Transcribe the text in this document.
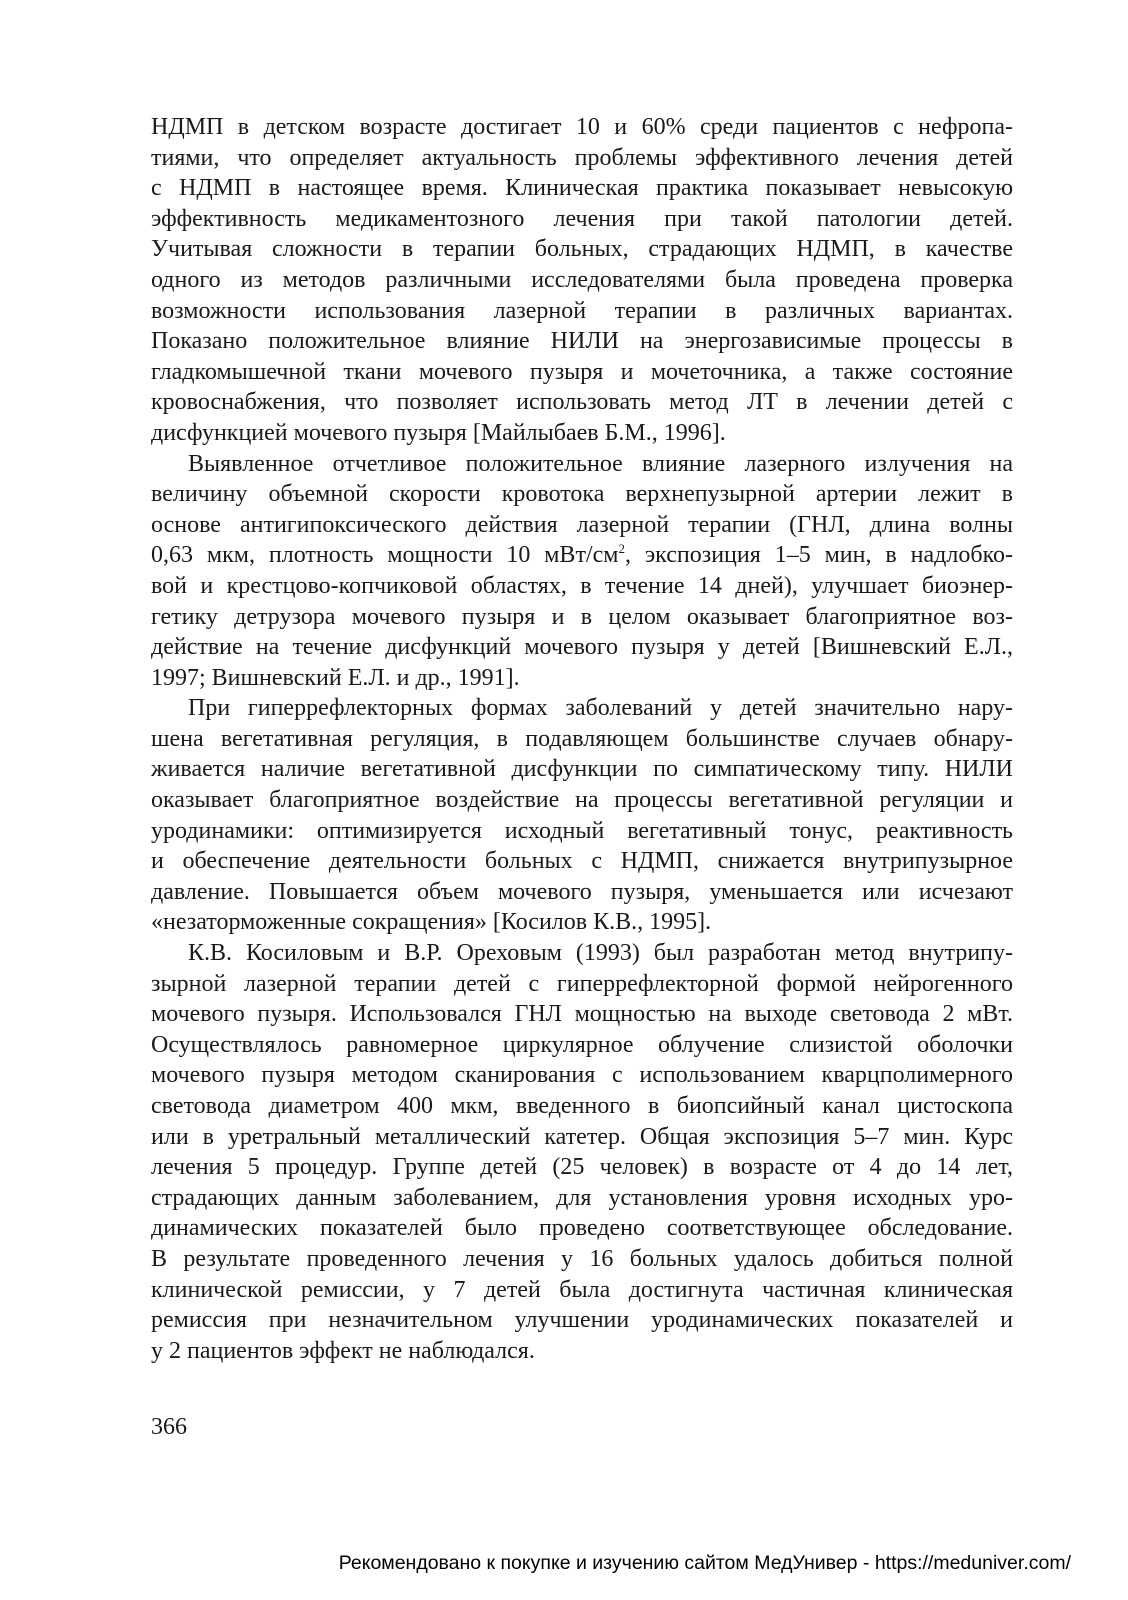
НДМП в детском возрасте достигает 10 и 60% среди пациентов с нефропа-
тиями, что определяет актуальность проблемы эффективного лечения детей
с НДМП в настоящее время. Клиническая практика показывает невысокую
эффективность медикаментозного лечения при такой патологии детей.
Учитывая сложности в терапии больных, страдающих НДМП, в качестве
одного из методов различными исследователями была проведена проверка
возможности использования лазерной терапии в различных вариантах.
Показано положительное влияние НИЛИ на энергозависимые процессы в
гладкомышечной ткани мочевого пузыря и мочеточника, а также состояние
кровоснабжения, что позволяет использовать метод ЛТ в лечении детей с
дисфункцией мочевого пузыря [Майлыбаев Б.М., 1996].
Выявленное отчетливое положительное влияние лазерного излучения на
величину объемной скорости кровотока верхнепузырной артерии лежит в
основе антигипоксического действия лазерной терапии (ГНЛ, длина волны
0,63 мкм, плотность мощности 10 мВт/$см^2$, экспозиция 1–5 мин, в надлобко-
вой и крестцово-копчиковой областях, в течение 14 дней), улучшает биоэнер-
гетику детрузора мочевого пузыря и в целом оказывает благоприятное воз-
действие на течение дисфункций мочевого пузыря у детей [Вишневский Е.Л.,
1997; Вишневский Е.Л. и др., 1991].
При гиперрефлекторных формах заболеваний у детей значительно нару-
шена вегетативная регуляция, в подавляющем большинстве случаев обнару-
живается наличие вегетативной дисфункции по симпатическому типу. НИЛИ
оказывает благоприятное воздействие на процессы вегетативной регуляции и
уродинамики: оптимизируется исходный вегетативный тонус, реактивность
и обеспечение деятельности больных с НДМП, снижается внутрипузырное
давление. Повышается объем мочевого пузыря, уменьшается или исчезают
«незаторможенные сокращения» [Косилов К.В., 1995].
К.В. Косиловым и В.Р. Ореховым (1993) был разработан метод внутрипу-
зырной лазерной терапии детей с гиперрефлекторной формой нейрогенного
мочевого пузыря. Использовался ГНЛ мощностью на выходе световода 2 мВт.
Осуществлялось равномерное циркулярное облучение слизистой оболочки
мочевого пузыря методом сканирования с использованием кварцполимерного
световода диаметром 400 мкм, введенного в биопсийный канал цистоскопа
или в уретральный металлический катетер. Общая экспозиция 5–7 мин. Курс
лечения 5 процедур. Группе детей (25 человек) в возрасте от 4 до 14 лет,
страдающих данным заболеванием, для установления уровня исходных уро-
динамических показателей было проведено соответствующее обследование.
В результате проведенного лечения у 16 больных удалось добиться полной
клинической ремиссии, у 7 детей была достигнута частичная клиническая
ремиссия при незначительном улучшении уродинамических показателей и
у 2 пациентов эффект не наблюдался.
366
Рекомендовано к покупке и изучению сайтом МедУнивер - https://meduniver.com/
